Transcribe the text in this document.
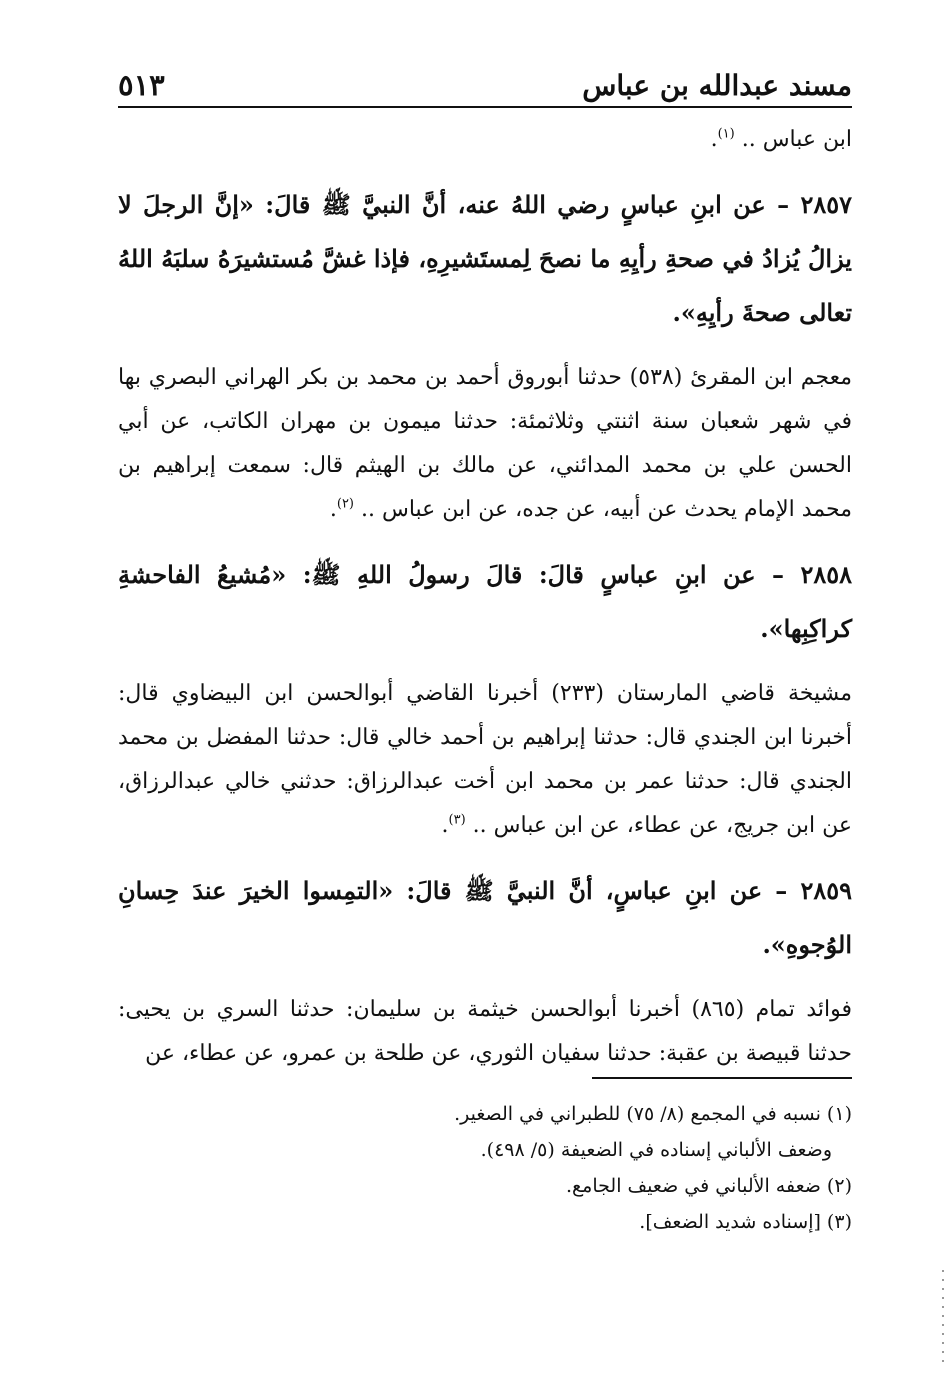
٥١٣	مسند عبدالله بن عباس

ابن عباس .. $^{(١)}$.

٢٨٥٧ – عن ابنِ عباسٍ رضي اللهُ عنه، أنَّ النبيَّ ﷺ قالَ: «إنَّ الرجلَ لا يزالُ يُزادُ في صحةِ رأيِهِ ما نصحَ لِمستَشيرِهِ، فإذا غشَّ مُستشيرَهُ سلبَهُ اللهُ تعالى صحةَ رأيِهِ».

معجم ابن المقرئ (٥٣٨) حدثنا أبوروق أحمد بن محمد بن بكر الهراني البصري بها في شهر شعبان سنة اثنتي وثلاثمئة: حدثنا ميمون بن مهران الكاتب، عن أبي الحسن علي بن محمد المدائني، عن مالك بن الهيثم قال: سمعت إبراهيم بن محمد الإمام يحدث عن أبيه، عن جده، عن ابن عباس .. $^{(٢)}$.

٢٨٥٨ – عن ابنِ عباسٍ قالَ: قالَ رسولُ اللهِ ﷺ: «مُشيعُ الفاحشةِ كراكِبِها».

مشيخة قاضي المارستان (٢٣٣) أخبرنا القاضي أبوالحسن ابن البيضاوي قال: أخبرنا ابن الجندي قال: حدثنا إبراهيم بن أحمد خالي قال: حدثنا المفضل بن محمد الجندي قال: حدثنا عمر بن محمد ابن أخت عبدالرزاق: حدثني خالي عبدالرزاق، عن ابن جريج، عن عطاء، عن ابن عباس .. $^{(٣)}$.

٢٨٥٩ – عن ابنِ عباسٍ، أنَّ النبيَّ ﷺ قالَ: «التمِسوا الخيرَ عندَ حِسانِ الوُجوهِ».

فوائد تمام (٨٦٥) أخبرنا أبوالحسن خيثمة بن سليمان: حدثنا السري بن يحيى: حدثنا قبيصة بن عقبة: حدثنا سفيان الثوري، عن طلحة بن عمرو، عن عطاء، عن

(١) نسبه في المجمع (٨/ ٧٥) للطبراني في الصغير.

وضعف الألباني إسناده في الضعيفة (٥/ ٤٩٨).

(٢) ضعفه الألباني في ضعيف الجامع.

(٣) [إسناده شديد الضعف].
